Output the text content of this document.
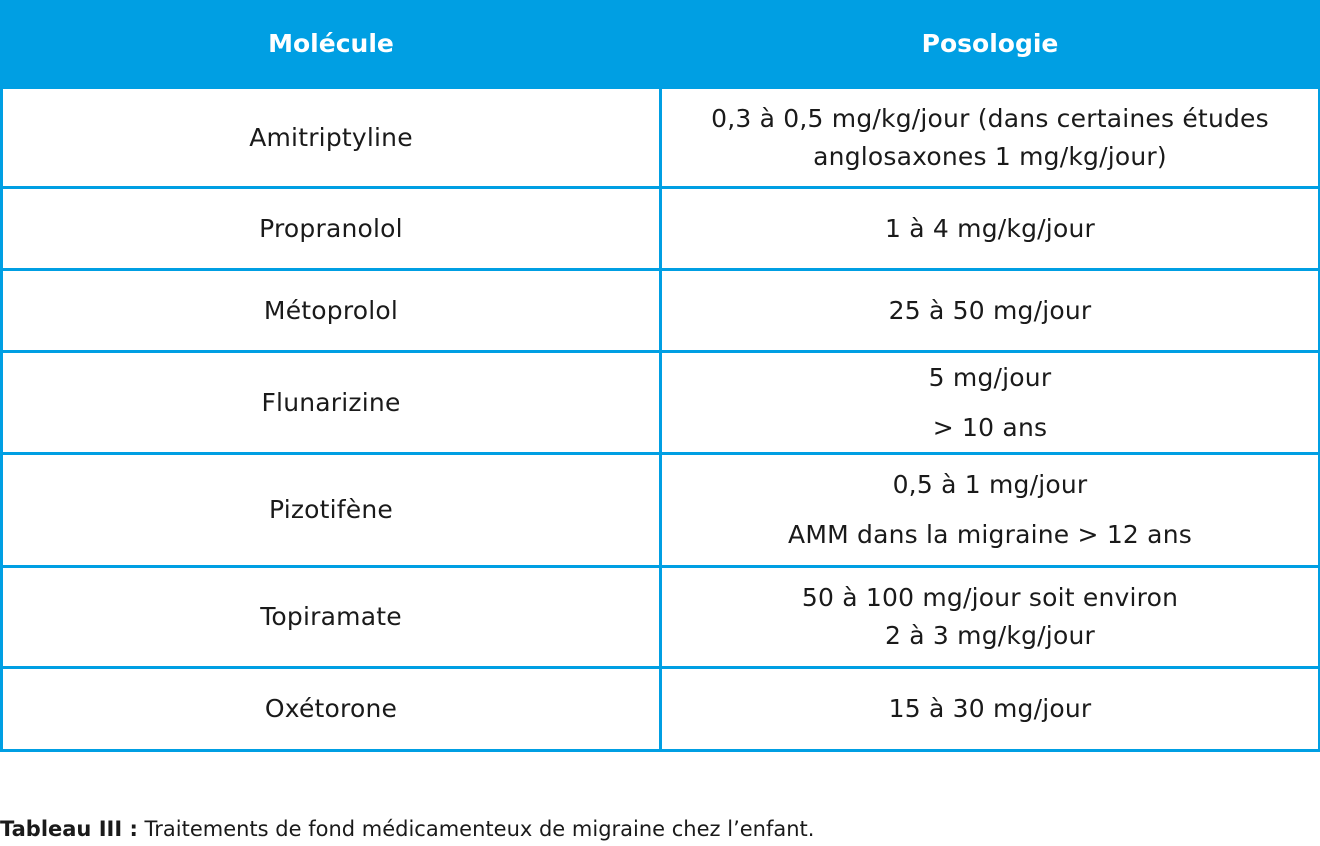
Molécule	Posologie
Amitriptyline	0,3 à 0,5 mg/kg/jour (dans certaines études
anglosaxones 1 mg/kg/jour)

Propranolol	1 à 4 mg/kg/jour

Métoprolol	25 à 50 mg/jour

Flunarizine	5 mg/jour
> 10 ans

Pizotifène	0,5 à 1 mg/jour
AMM dans la migraine > 12 ans

Topiramate	50 à 100 mg/jour soit environ
2 à 3 mg/kg/jour

Oxétorone	15 à 30 mg/jour
Tableau III : Traitements de fond médicamenteux de migraine chez l’enfant.
